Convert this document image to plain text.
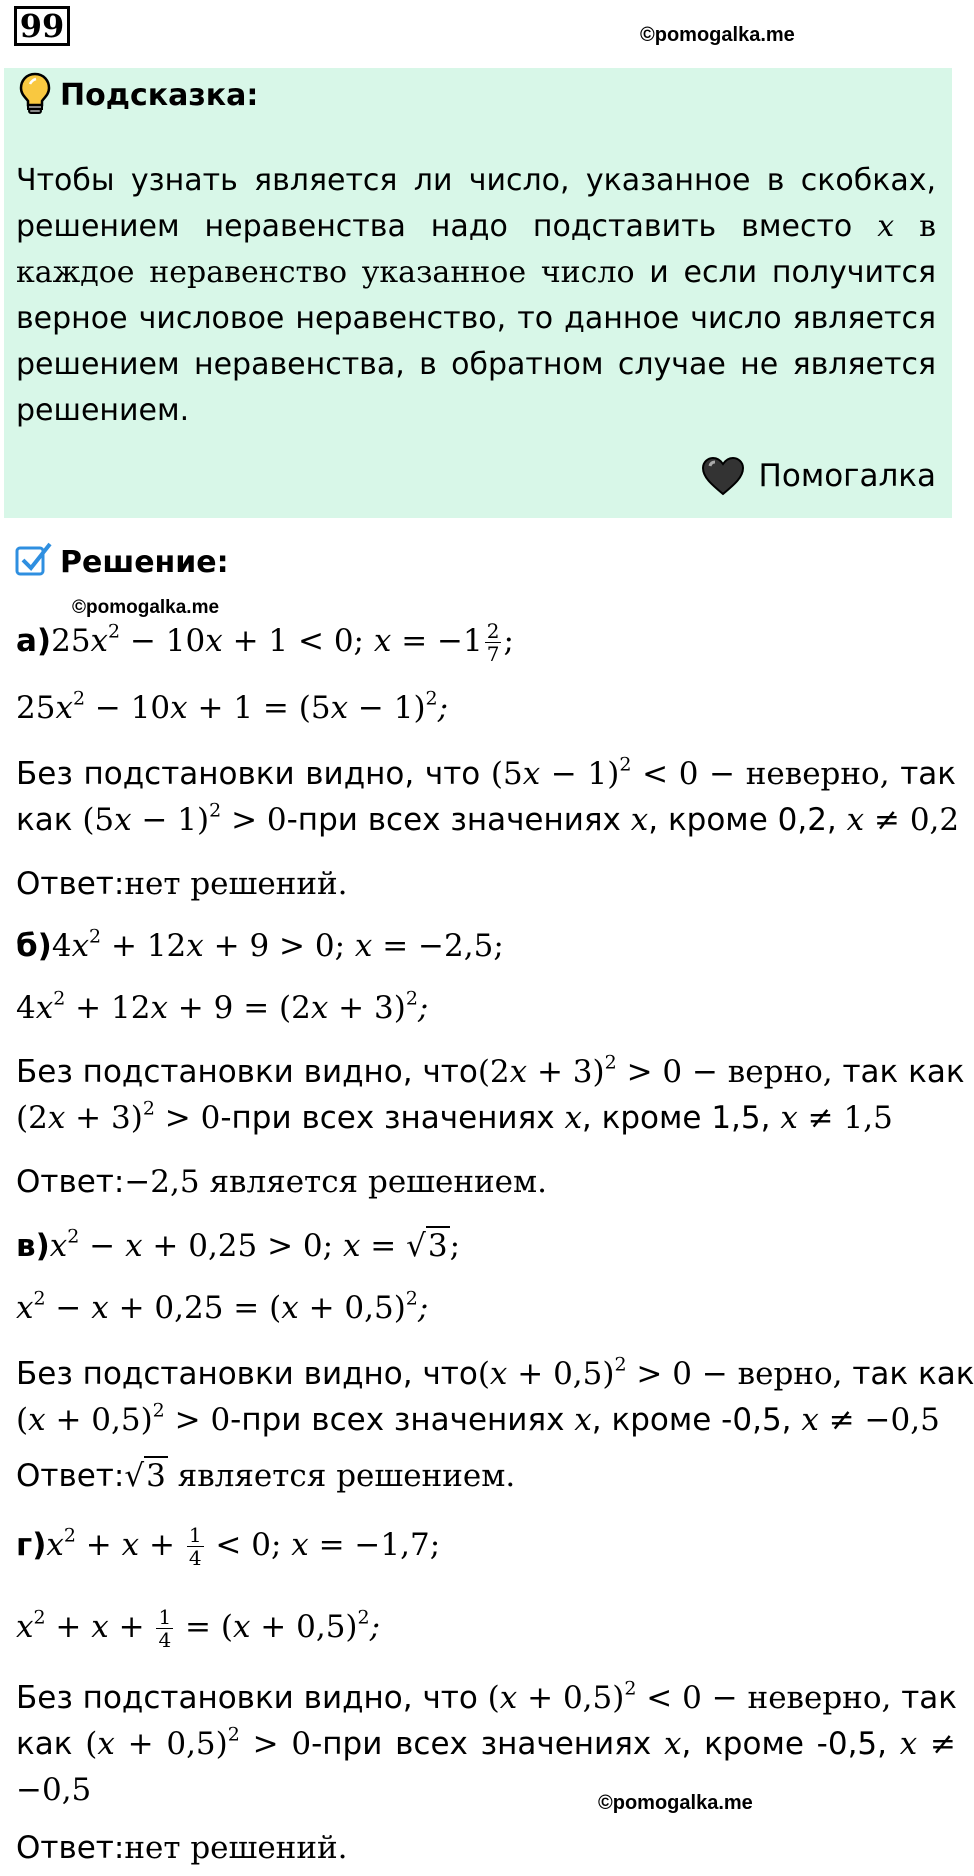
99	©pomogalka.me
Подсказка:
Чтобы узнать является ли число, указанное в скобках, решением неравенства надо подставить вместо x в каждое неравенство указанное число и если получится верное числовое неравенство, то данное число является решением неравенства, в обратном случае не является решением.
Помогалка
Решение:
©pomogalka.me
$а)25x^2 - 10x + 1 < 0$; $x = -1 \frac{2}{7}$ ;
$25x^2 - 10x + 1 = (5x - 1)^2$;
Без подстановки видно, что $(5x - 1)^2 < 0$ − неверно, так
как $(5x - 1)^2 > 0-при$ всех значениях x, кроме 0,2, x ≠ 0,2
Ответ:нет решений.
$б)4x^2 + 12x + 9 > 0$; x = −2,5;
$4x^2 + 12x + 9 = (2x + 3)^2$;
Без подстановки видно, $что(2x + 3)^2 > 0$ − верно, так как
$(2x + 3)^2 > 0-при$ всех значениях x, кроме 1,5, x ≠ 1,5
Ответ:−2,5 является решением.
$в)x^2 - x + 0,25 > 0$; x = √3;
$x^2 - x + 0,25 = (x + 0,5)^2$;
Без подстановки видно, $что(x + 0,5)^2 > 0$ − верно, так как
$(x + 0,5)^2 > 0-при$ всех значениях x, кроме -0,5, x ≠ −0,5
Ответ:√3 является решением.
$г)x^2 + x + \frac{1}{4} < 0$; x = −1,7;
$x^2 + x + \frac{1}{4} = (x + 0,5)^2$;
Без подстановки видно, что $(x + 0,5)^2 < 0$ − неверно, так
как $(x + 0,5)^2 > 0-при$ всех значениях x, кроме -0,5, x ≠
−0,5	©pomogalka.me
Ответ:нет решений.
